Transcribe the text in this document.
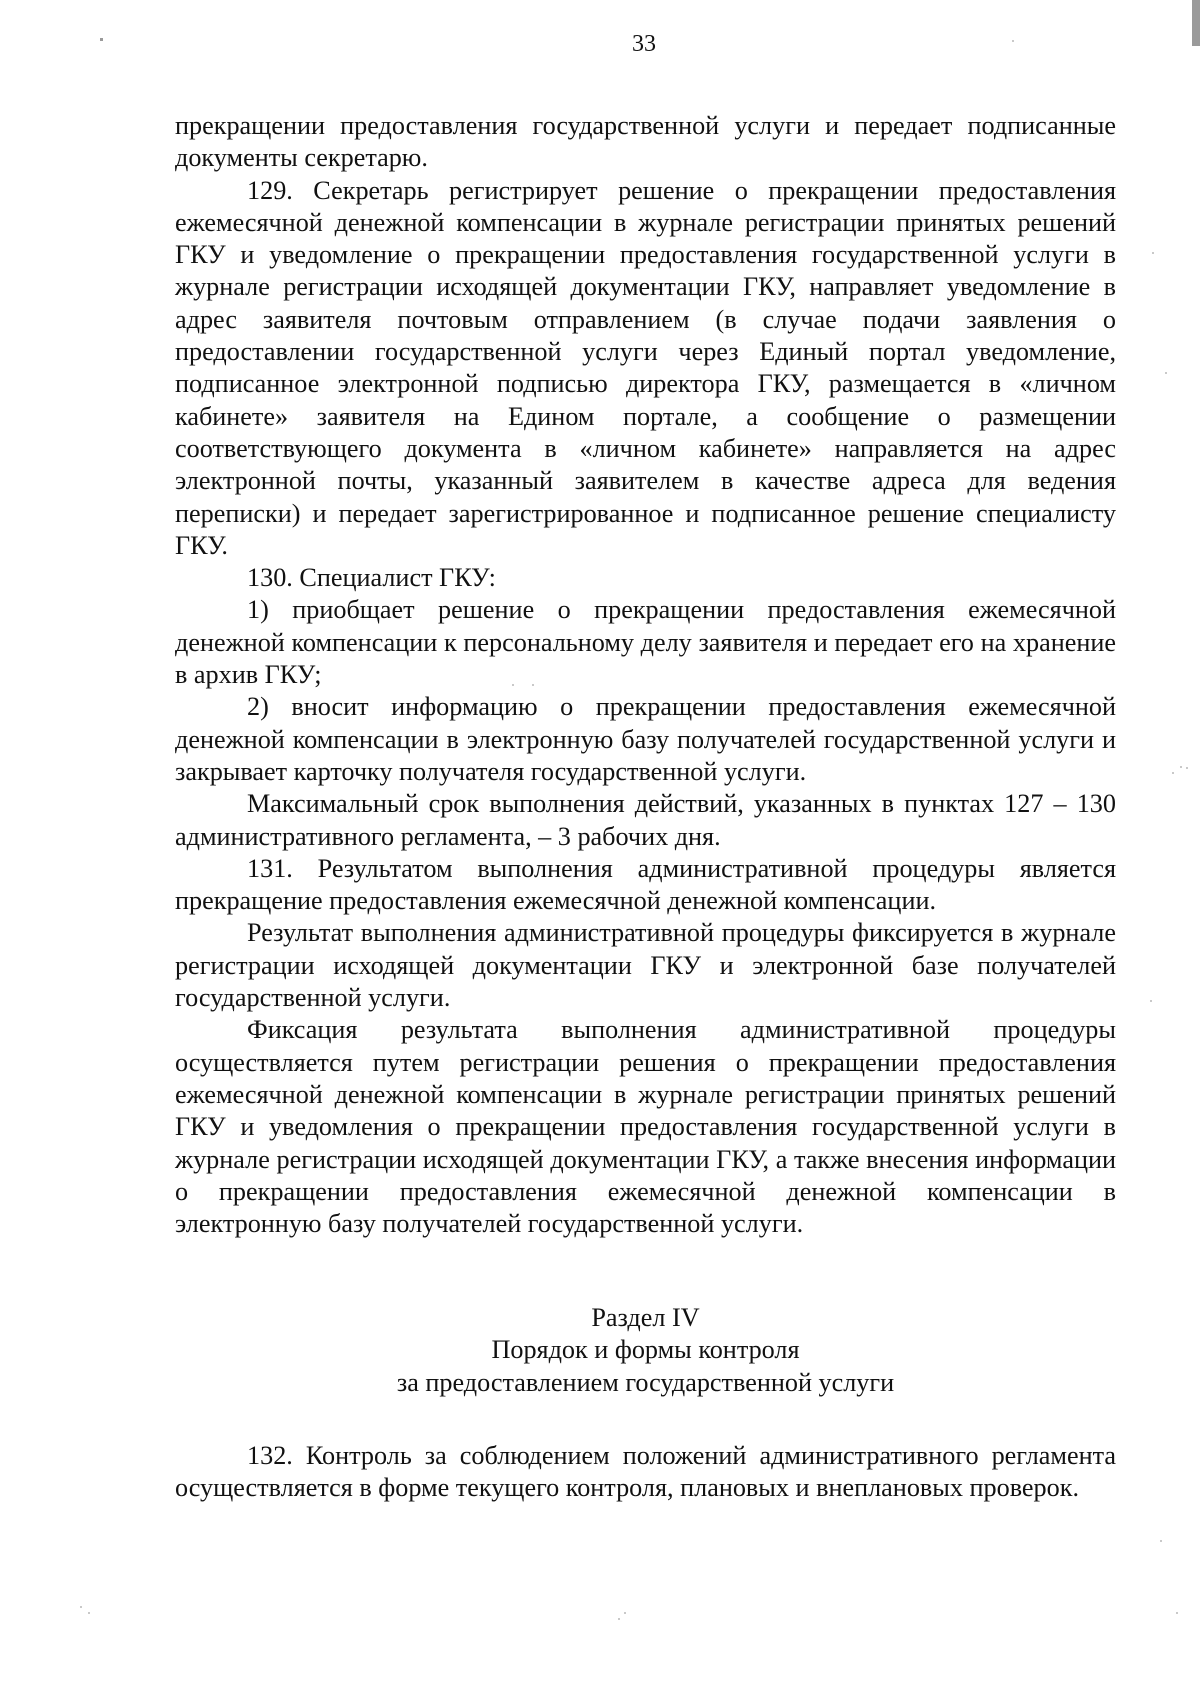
33

прекращении предоставления государственной услуги и передает подписанные документы секретарю.

129. Секретарь регистрирует решение о прекращении предоставления ежемесячной денежной компенсации в журнале регистрации принятых решений ГКУ и уведомление о прекращении предоставления государственной услуги в журнале регистрации исходящей документации ГКУ, направляет уведомление в адрес заявителя почтовым отправлением (в случае подачи заявления о предоставлении государственной услуги через Единый портал уведомление, подписанное электронной подписью директора ГКУ, размещается в «личном кабинете» заявителя на Едином портале, а сообщение о размещении соответствующего документа в «личном кабинете» направляется на адрес электронной почты, указанный заявителем в качестве адреса для ведения переписки) и передает зарегистрированное и подписанное решение специалисту ГКУ.

130. Специалист ГКУ:

1) приобщает решение о прекращении предоставления ежемесячной денежной компенсации к персональному делу заявителя и передает его на хранение в архив ГКУ;

2) вносит информацию о прекращении предоставления ежемесячной денежной компенсации в электронную базу получателей государственной услуги и закрывает карточку получателя государственной услуги.

Максимальный срок выполнения действий, указанных в пунктах 127 – 130 административного регламента, – 3 рабочих дня.

131. Результатом выполнения административной процедуры является прекращение предоставления ежемесячной денежной компенсации.

Результат выполнения административной процедуры фиксируется в журнале регистрации исходящей документации ГКУ и электронной базе получателей государственной услуги.

Фиксация результата выполнения административной процедуры осуществляется путем регистрации решения о прекращении предоставления ежемесячной денежной компенсации в журнале регистрации принятых решений ГКУ и уведомления о прекращении предоставления государственной услуги в журнале регистрации исходящей документации ГКУ, а также внесения информации о прекращении предоставления ежемесячной денежной компенсации в электронную базу получателей государственной услуги.

Раздел IV
Порядок и формы контроля
за предоставлением государственной услуги

132. Контроль за соблюдением положений административного регламента осуществляется в форме текущего контроля, плановых и внеплановых проверок.
